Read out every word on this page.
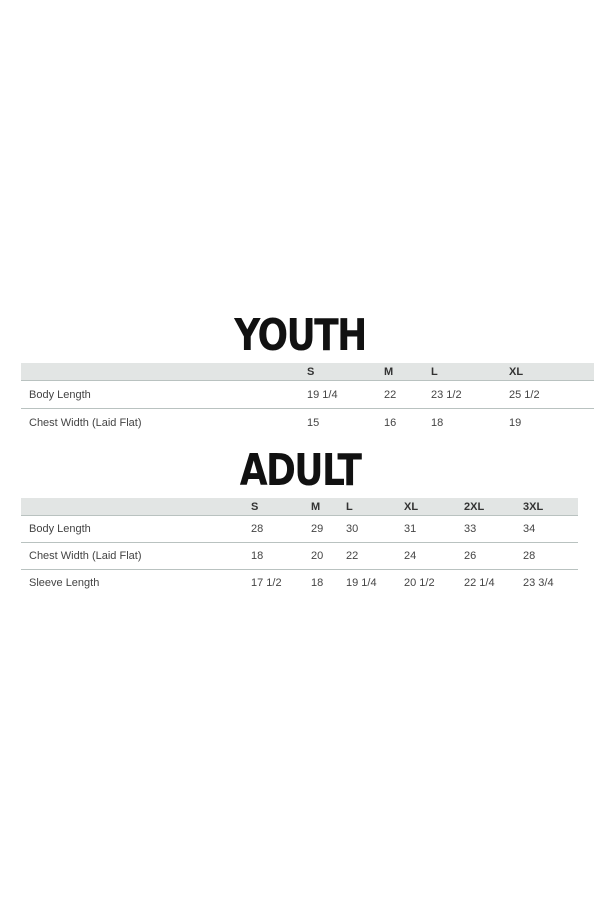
YOUTH
	S	M	L	XL
Body Length	19 1/4	22	23 1/2	25 1/2
Chest Width (Laid Flat)	15	16	18	19
ADULT
	S	M	L	XL	2XL	3XL
Body Length	28	29	30	31	33	34
Chest Width (Laid Flat)	18	20	22	24	26	28
Sleeve Length	17 1/2	18	19 1/4	20 1/2	22 1/4	23 3/4
